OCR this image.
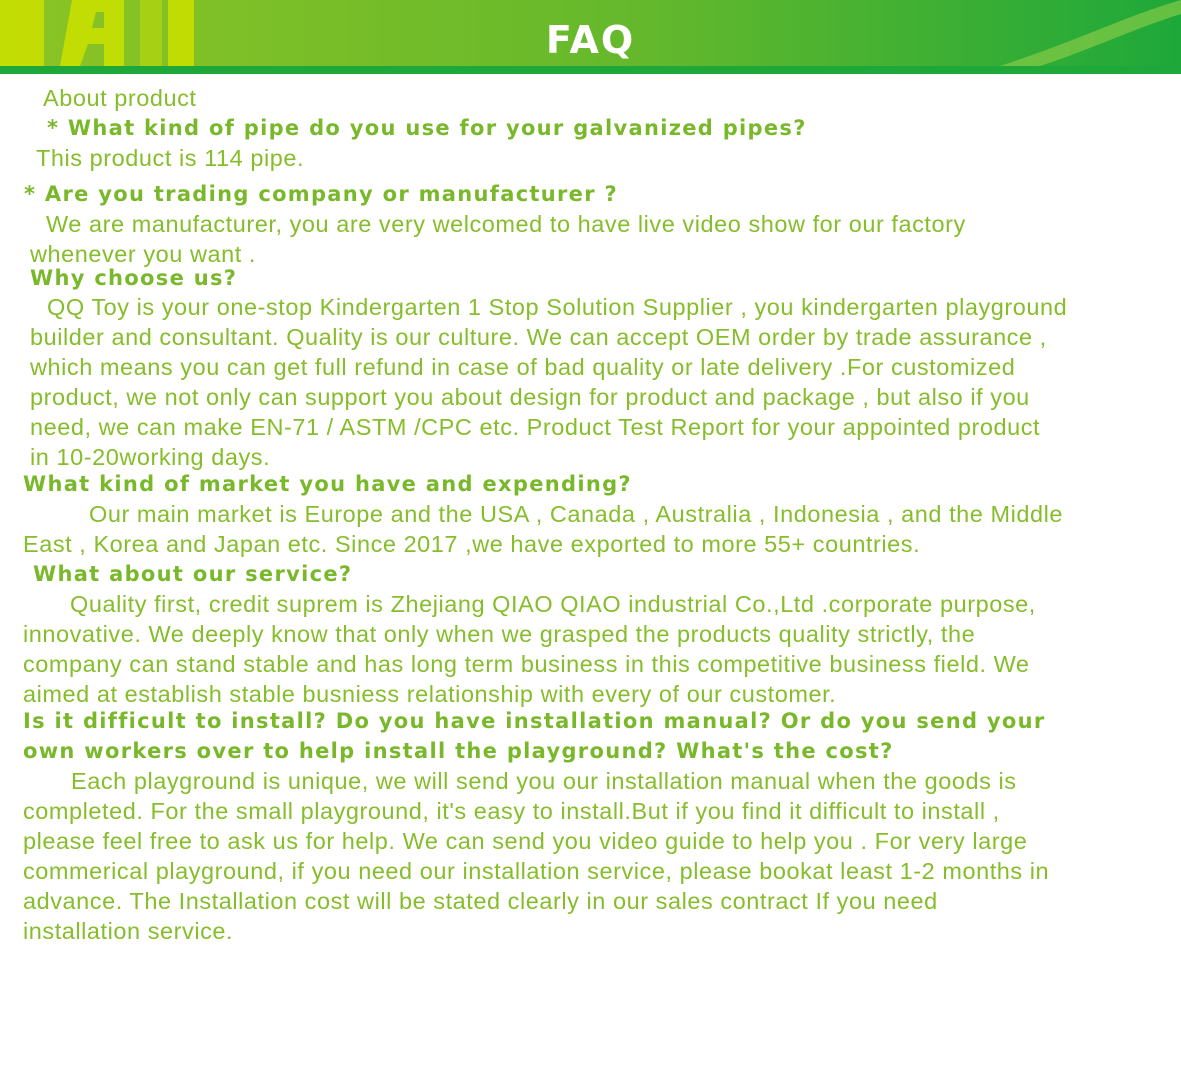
FAQ

About product

* What kind of pipe do you use for your galvanized pipes?

This product is 114 pipe.

* Are you trading company or manufacturer ?

We are manufacturer, you are very welcomed to have live video show for our factory

whenever you want .

Why choose us?

QQ Toy is your one-stop Kindergarten 1 Stop Solution Supplier , you kindergarten playground

builder and consultant. Quality is our culture. We can accept OEM order by trade assurance ,

which means you can get full refund in case of bad quality or late delivery .For customized

product, we not only can support you about design for product and package , but also if you

need, we can make EN-71 / ASTM /CPC etc. Product Test Report for your appointed product

in 10-20working days.

What kind of market you have and expending?

Our main market is Europe and the USA , Canada , Australia , Indonesia , and the Middle

East , Korea and Japan etc. Since 2017 ,we have exported to more 55+ countries.

What about our service?

Quality first, credit suprem is Zhejiang QIAO QIAO industrial Co.,Ltd .corporate purpose,

innovative. We deeply know that only when we grasped the products quality strictly, the

company can stand stable and has long term business in this competitive business field. We

aimed at establish stable busniess relationship with every of our customer.

Is it difficult to install? Do you have installation manual? Or do you send your

own workers over to help install the playground? What's the cost?

Each playground is unique, we will send you our installation manual when the goods is

completed. For the small playground, it's easy to install.But if you find it difficult to install ,

please feel free to ask us for help. We can send you video guide to help you . For very large

commerical playground, if you need our installation service, please bookat least 1-2 months in

advance. The Installation cost will be stated clearly in our sales contract If you need

installation service.
